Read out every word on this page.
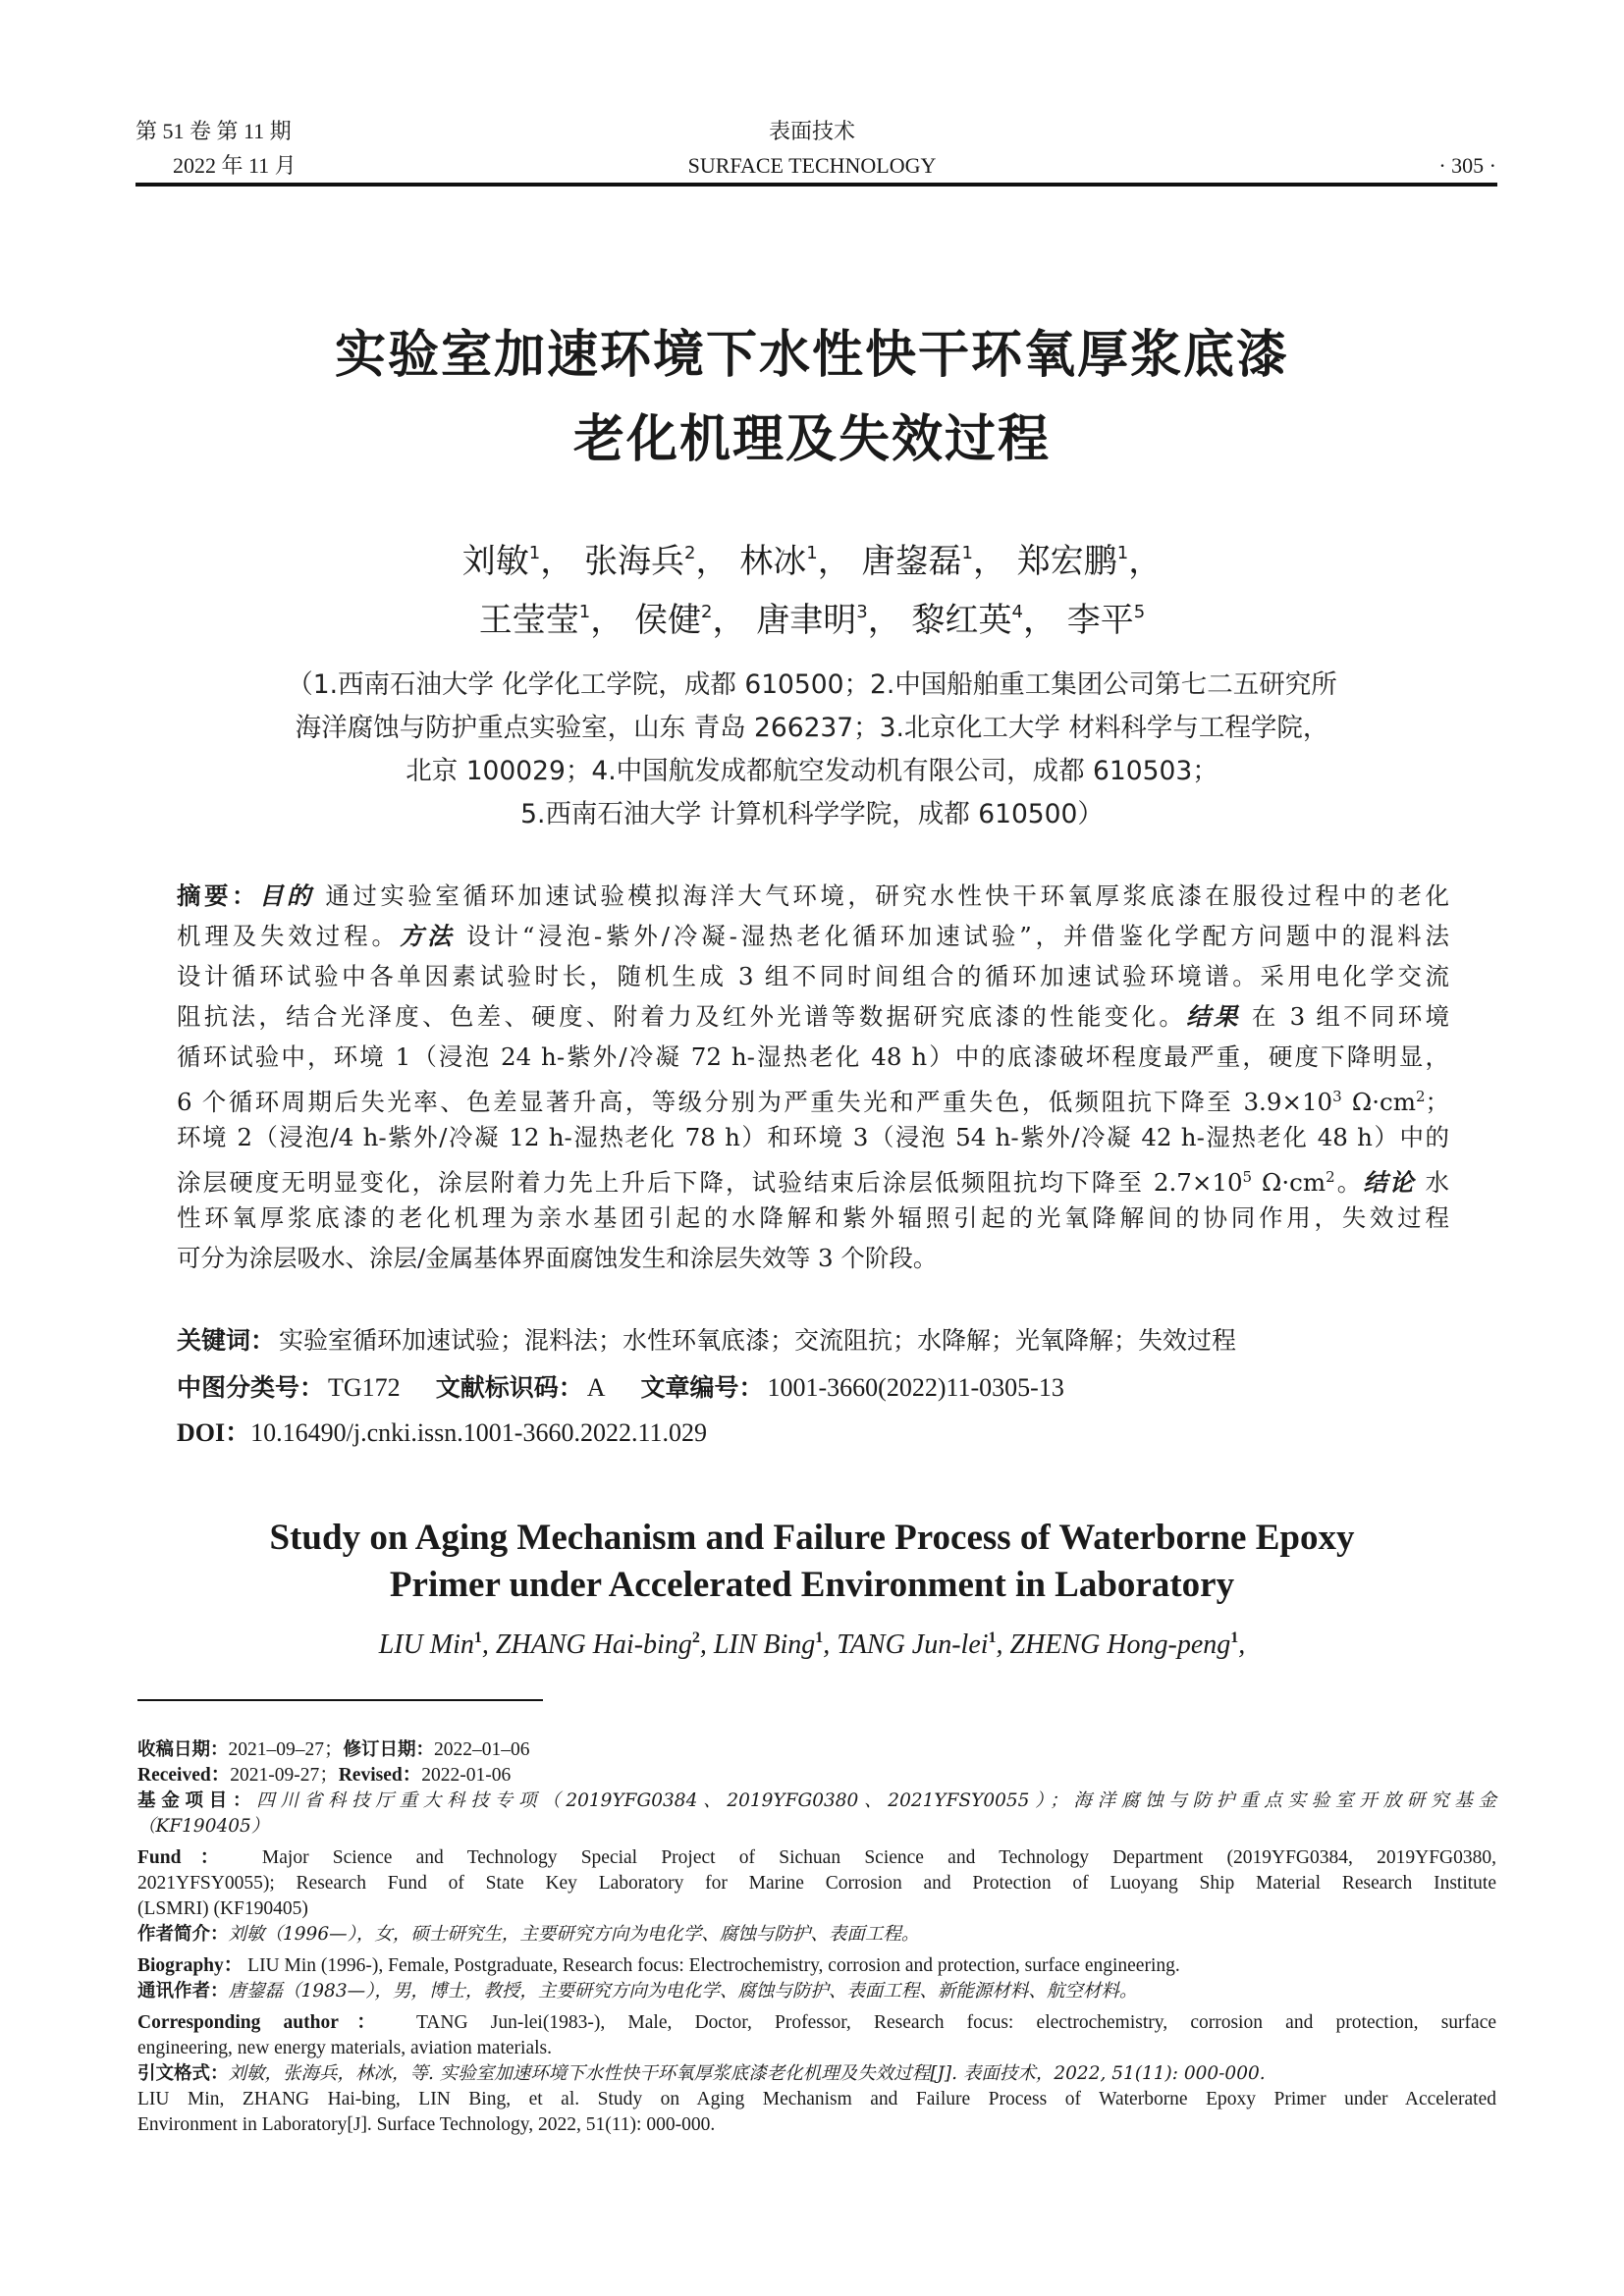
第 51 卷 第 11 期
2022 年 11 月
表面技术
SURFACE TECHNOLOGY	· 305 ·
实验室加速环境下水性快干环氧厚浆底漆
老化机理及失效过程
刘敏$^1$， 张海兵$^2$， 林冰$^1$， 唐鋆磊$^1$， 郑宏鹏$^1$，
王莹莹$^1$， 侯健$^2$， 唐聿明$^3$， 黎红英$^4$， 李平$^5$
（1.西南石油大学 化学化工学院，成都 610500；2.中国船舶重工集团公司第七二五研究所
海洋腐蚀与防护重点实验室，山东 青岛 266237；3.北京化工大学 材料科学与工程学院，
北京 100029；4.中国航发成都航空发动机有限公司，成都 610503；
5.西南石油大学 计算机科学学院，成都 610500）
摘要：目的 通过实验室循环加速试验模拟海洋大气环境，研究水性快干环氧厚浆底漆在服役过程中的老化
机理及失效过程。方法 设计“浸泡-紫外/冷凝-湿热老化循环加速试验”，并借鉴化学配方问题中的混料法
设计循环试验中各单因素试验时长，随机生成 3 组不同时间组合的循环加速试验环境谱。采用电化学交流
阻抗法，结合光泽度、色差、硬度、附着力及红外光谱等数据研究底漆的性能变化。结果 在 3 组不同环境
循环试验中，环境 1（浸泡 24 h-紫外/冷凝 72 h-湿热老化 48 h）中的底漆破坏程度最严重，硬度下降明显，
6 个循环周期后失光率、色差显著升高，等级分别为严重失光和严重失色，低频阻抗下降至 $3.9\times 10^3$ $\Omega\cdot cm^2$；
环境 2（浸泡/4 h-紫外/冷凝 12 h-湿热老化 78 h）和环境 3（浸泡 54 h-紫外/冷凝 42 h-湿热老化 48 h）中的
涂层硬度无明显变化，涂层附着力先上升后下降，试验结束后涂层低频阻抗均下降至 $2.7\times 10^5$ $\Omega\cdot cm^2$。结论 水
性环氧厚浆底漆的老化机理为亲水基团引起的水降解和紫外辐照引起的光氧降解间的协同作用，失效过程
可分为涂层吸水、涂层/金属基体界面腐蚀发生和涂层失效等 3 个阶段。
关键词： 实验室循环加速试验；混料法；水性环氧底漆；交流阻抗；水降解；光氧降解；失效过程
中图分类号： TG172 文献标识码： A 文章编号： 1001-3660(2022)11-0305-13
DOI：10.16490/j.cnki.issn.1001-3660.2022.11.029
Study on Aging Mechanism and Failure Process of Waterborne Epoxy
Primer under Accelerated Environment in Laboratory
LIU Min$^1$, ZHANG Hai-bing$^2$, LIN Bing$^1$, TANG Jun-lei$^1$, ZHENG Hong-peng$^1$,
收稿日期：2021–09–27；修订日期：2022–01–06
Received：2021-09-27；Revised：2022-01-06
基金项目：四川省科技厅重大科技专项（2019YFG0384、2019YFG0380、2021YFSY0055）；海洋腐蚀与防护重点实验室开放研究基金
（KF190405）
Fund： Major Science and Technology Special Project of Sichuan Science and Technology Department (2019YFG0384, 2019YFG0380,
2021YFSY0055); Research Fund of State Key Laboratory for Marine Corrosion and Protection of Luoyang Ship Material Research Institute
(LSMRI) (KF190405)
作者简介：刘敏（1996—），女，硕士研究生，主要研究方向为电化学、腐蚀与防护、表面工程。
Biography： LIU Min (1996-), Female, Postgraduate, Research focus: Electrochemistry, corrosion and protection, surface engineering.
通讯作者：唐鋆磊（1983—），男，博士，教授，主要研究方向为电化学、腐蚀与防护、表面工程、新能源材料、航空材料。
Corresponding author： TANG Jun-lei(1983-), Male, Doctor, Professor, Research focus: electrochemistry, corrosion and protection, surface
engineering, new energy materials, aviation materials.
引文格式：刘敏，张海兵，林冰，等. 实验室加速环境下水性快干环氧厚浆底漆老化机理及失效过程[J]. 表面技术，2022, 51(11): 000-000.
LIU Min, ZHANG Hai-bing, LIN Bing, et al. Study on Aging Mechanism and Failure Process of Waterborne Epoxy Primer under Accelerated
Environment in Laboratory[J]. Surface Technology, 2022, 51(11): 000-000.
